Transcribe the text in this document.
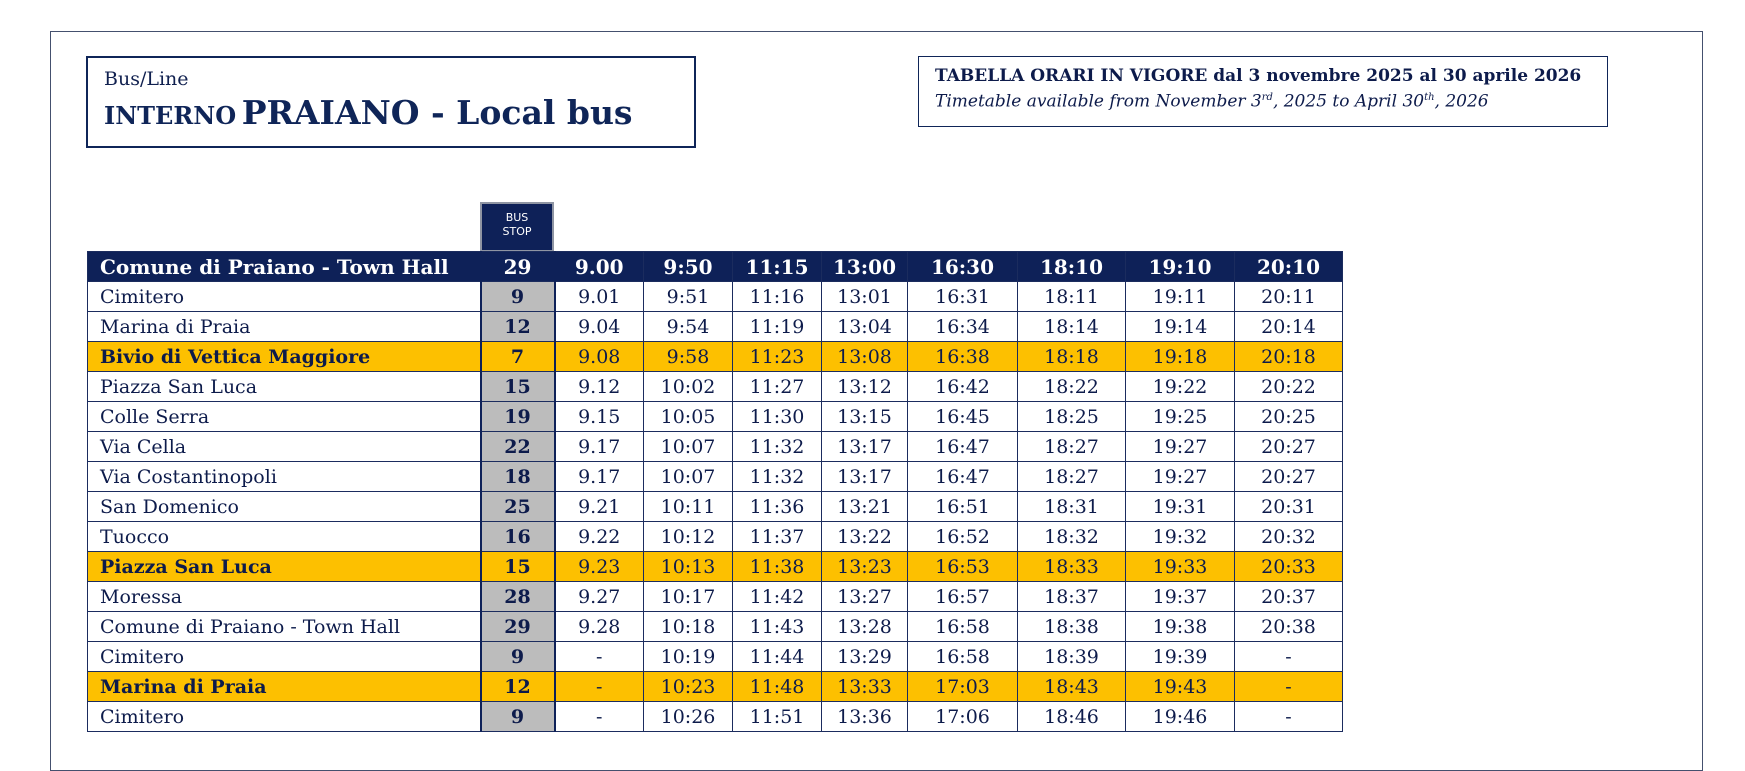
Bus/Line
INTERNO PRAIANO - Local bus
TABELLA ORARI IN VIGORE dal 3 novembre 2025 al 30 aprile 2026
Timetable available from November 3rd, 2025 to April 30th, 2026
BUS
STOP
Comune di Praiano - Town Hall	29	9.00	9:50	11:15	13:00	16:30	18:10	19:10	20:10
Cimitero	9	9.01	9:51	11:16	13:01	16:31	18:11	19:11	20:11
Marina di Praia	12	9.04	9:54	11:19	13:04	16:34	18:14	19:14	20:14
Bivio di Vettica Maggiore	7	9.08	9:58	11:23	13:08	16:38	18:18	19:18	20:18
Piazza San Luca	15	9.12	10:02	11:27	13:12	16:42	18:22	19:22	20:22
Colle Serra	19	9.15	10:05	11:30	13:15	16:45	18:25	19:25	20:25
Via Cella	22	9.17	10:07	11:32	13:17	16:47	18:27	19:27	20:27
Via Costantinopoli	18	9.17	10:07	11:32	13:17	16:47	18:27	19:27	20:27
San Domenico	25	9.21	10:11	11:36	13:21	16:51	18:31	19:31	20:31
Tuocco	16	9.22	10:12	11:37	13:22	16:52	18:32	19:32	20:32
Piazza San Luca	15	9.23	10:13	11:38	13:23	16:53	18:33	19:33	20:33
Moressa	28	9.27	10:17	11:42	13:27	16:57	18:37	19:37	20:37
Comune di Praiano - Town Hall	29	9.28	10:18	11:43	13:28	16:58	18:38	19:38	20:38
Cimitero	9	-	10:19	11:44	13:29	16:58	18:39	19:39	-
Marina di Praia	12	-	10:23	11:48	13:33	17:03	18:43	19:43	-
Cimitero	9	-	10:26	11:51	13:36	17:06	18:46	19:46	-
